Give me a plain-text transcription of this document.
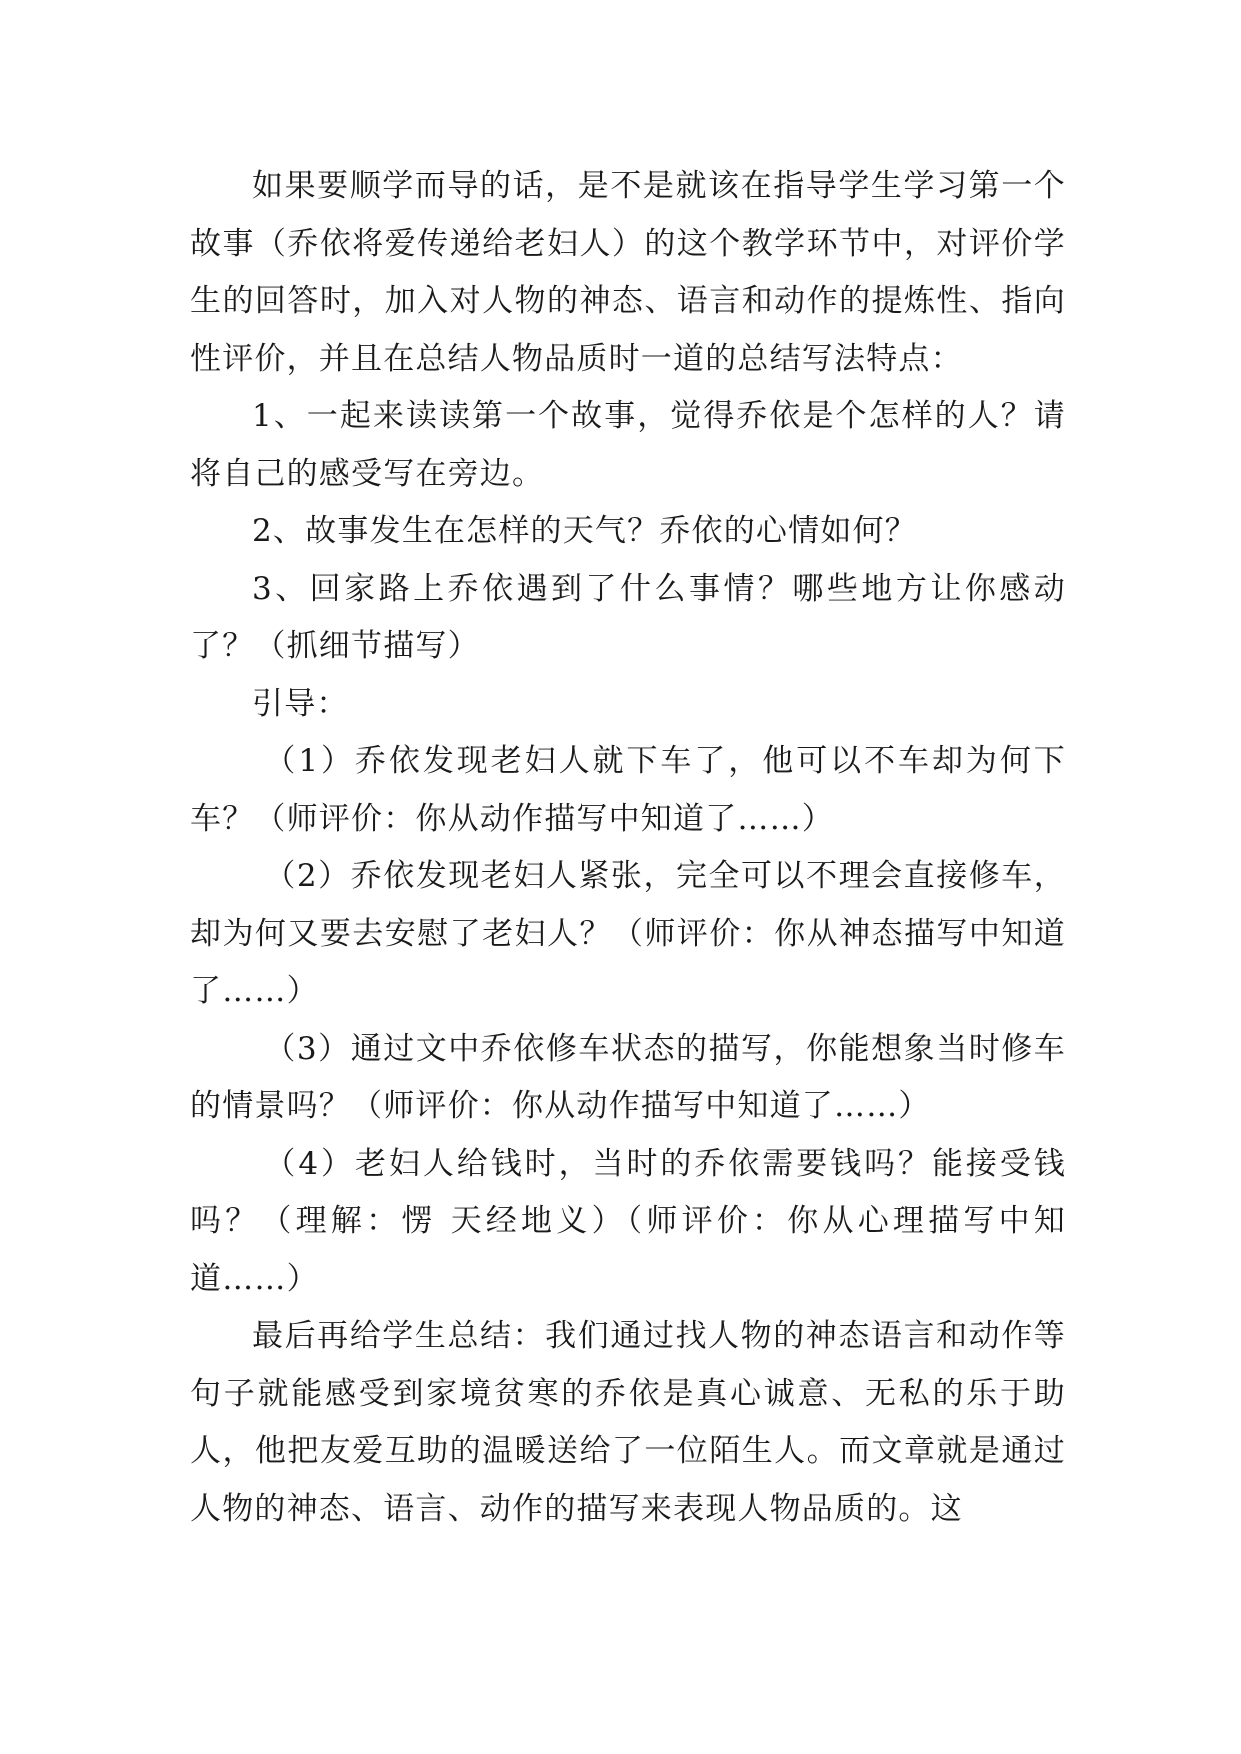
如果要顺学而导的话，是不是就该在指导学生学习第一个故事（乔依将爱传递给老妇人）的这个教学环节中，对评价学生的回答时，加入对人物的神态、语言和动作的提炼性、指向性评价，并且在总结人物品质时一道的总结写法特点：

1、一起来读读第一个故事，觉得乔依是个怎样的人？请将自己的感受写在旁边。

2、故事发生在怎样的天气？乔依的心情如何？

3、回家路上乔依遇到了什么事情？哪些地方让你感动了？（抓细节描写）

引导：

（1）乔依发现老妇人就下车了，他可以不车却为何下车？（师评价：你从动作描写中知道了……）

（2）乔依发现老妇人紧张，完全可以不理会直接修车，却为何又要去安慰了老妇人？（师评价：你从神态描写中知道了……）

（3）通过文中乔依修车状态的描写，你能想象当时修车的情景吗？（师评价：你从动作描写中知道了……）

（4）老妇人给钱时，当时的乔依需要钱吗？能接受钱吗？（理解：愣 天经地义）（师评价：你从心理描写中知道……）

最后再给学生总结：我们通过找人物的神态语言和动作等句子就能感受到家境贫寒的乔依是真心诚意、无私的乐于助人，他把友爱互助的温暖送给了一位陌生人。而文章就是通过人物的神态、语言、动作的描写来表现人物品质的。这
